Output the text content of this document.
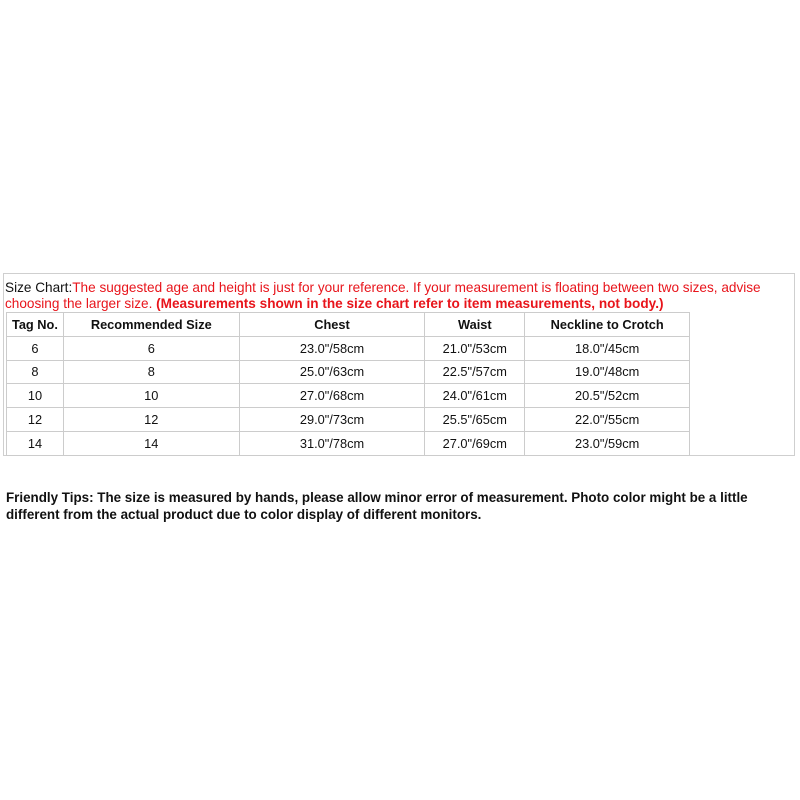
Size Chart:The suggested age and height is just for your reference. If your measurement is floating between two sizes, advise choosing the larger size. (Measurements shown in the size chart refer to item measurements, not body.)
Tag No.	Recommended Size	Chest	Waist	Neckline to Crotch
6	6	23.0"/58cm	21.0"/53cm	18.0"/45cm
8	8	25.0"/63cm	22.5"/57cm	19.0"/48cm
10	10	27.0"/68cm	24.0"/61cm	20.5"/52cm
12	12	29.0"/73cm	25.5"/65cm	22.0"/55cm
14	14	31.0"/78cm	27.0"/69cm	23.0"/59cm
Friendly Tips: The size is measured by hands, please allow minor error of measurement. Photo color might be a little different from the actual product due to color display of different monitors.
